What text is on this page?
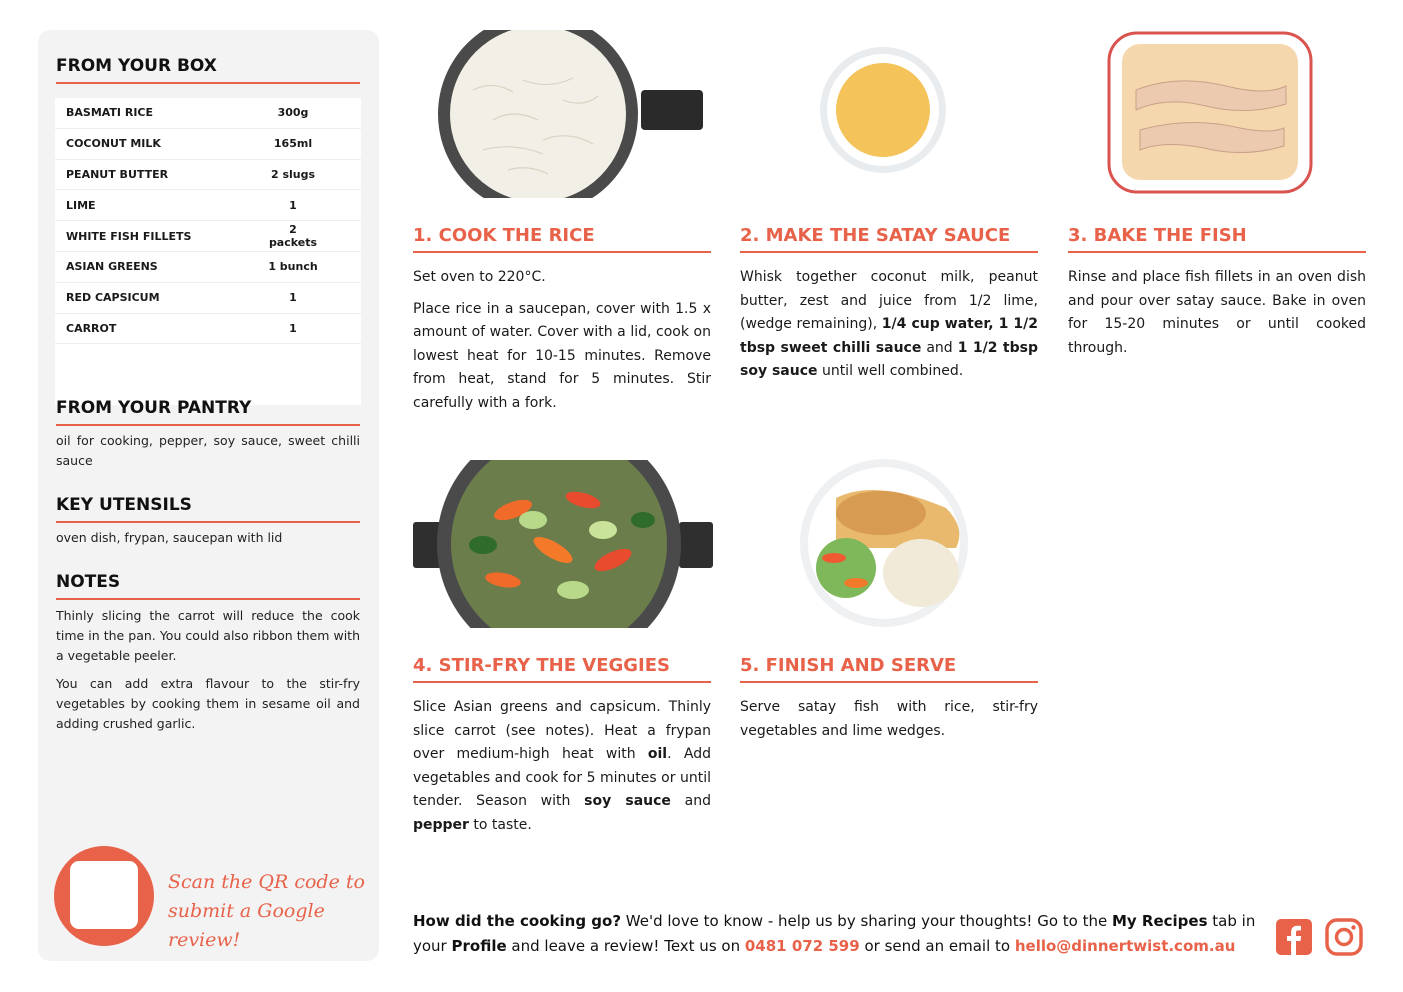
FROM YOUR BOX
BASMATI RICE	300g
COCONUT MILK	165ml
PEANUT BUTTER	2 slugs
LIME	1
WHITE FISH FILLETS	2 packets
ASIAN GREENS	1 bunch
RED CAPSICUM	1
CARROT	1
FROM YOUR PANTRY
oil for cooking, pepper, soy sauce, sweet chilli sauce
KEY UTENSILS
oven dish, frypan, saucepan with lid
NOTES
Thinly slicing the carrot will reduce the cook time in the pan. You could also ribbon them with a vegetable peeler.
You can add extra flavour to the stir-fry vegetables by cooking them in sesame oil and adding crushed garlic.
Scan the QR code to
submit a Google review!
1. COOK THE RICE

Set oven to 220°C.

Place rice in a saucepan, cover with 1.5 x amount of water. Cover with a lid, cook on lowest heat for 10-15 minutes. Remove from heat, stand for 5 minutes. Stir carefully with a fork.

2. MAKE THE SATAY SAUCE

Whisk together coconut milk, peanut butter, zest and juice from 1/2 lime, (wedge remaining), 1/4 cup water, 1 1/2 tbsp sweet chilli sauce and 1 1/2 tbsp soy sauce until well combined.

3. BAKE THE FISH

Rinse and place fish fillets in an oven dish and pour over satay sauce. Bake in oven for 15-20 minutes or until cooked through.

4. STIR-FRY THE VEGGIES

Slice Asian greens and capsicum. Thinly slice carrot (see notes). Heat a frypan over medium-high heat with oil. Add vegetables and cook for 5 minutes or until tender. Season with soy sauce and pepper to taste.

5. FINISH AND SERVE

Serve satay fish with rice, stir-fry vegetables and lime wedges.

How did the cooking go? We'd love to know - help us by sharing your thoughts! Go to the My Recipes tab in your Profile and leave a review! Text us on 0481 072 599 or send an email to hello@dinnertwist.com.au
